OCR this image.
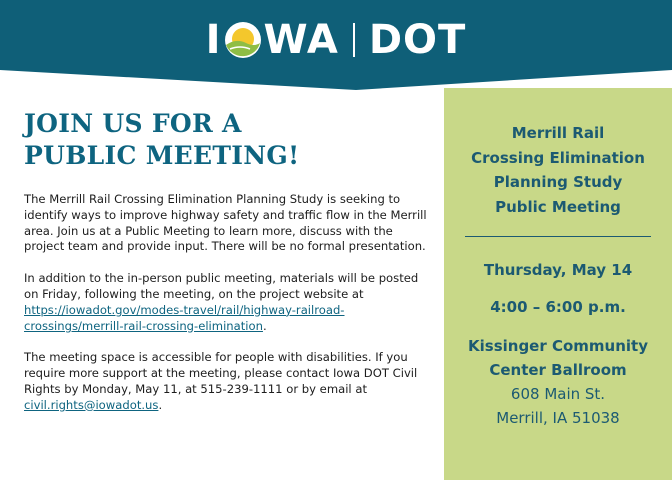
I WA DOT
JOIN US FOR A
PUBLIC MEETING!

The Merrill Rail Crossing Elimination Planning Study is seeking to identify ways to improve highway safety and traffic flow in the Merrill area. Join us at a Public Meeting to learn more, discuss with the project team and provide input. There will be no formal presentation.

In addition to the in-person public meeting, materials will be posted on Friday, following the meeting, on the project website at https://iowadot.gov/modes-travel/rail/highway-railroad-crossings/merrill-rail-crossing-elimination.

The meeting space is accessible for people with disabilities. If you require more support at the meeting, please contact Iowa DOT Civil Rights by Monday, May 11, at 515-239-1111 or by email at civil.rights@iowadot.us.

Merrill Rail
Crossing Elimination
Planning Study
Public Meeting
Thursday, May 14
4:00 – 6:00 p.m.
Kissinger Community
Center Ballroom
608 Main St.
Merrill, IA 51038
